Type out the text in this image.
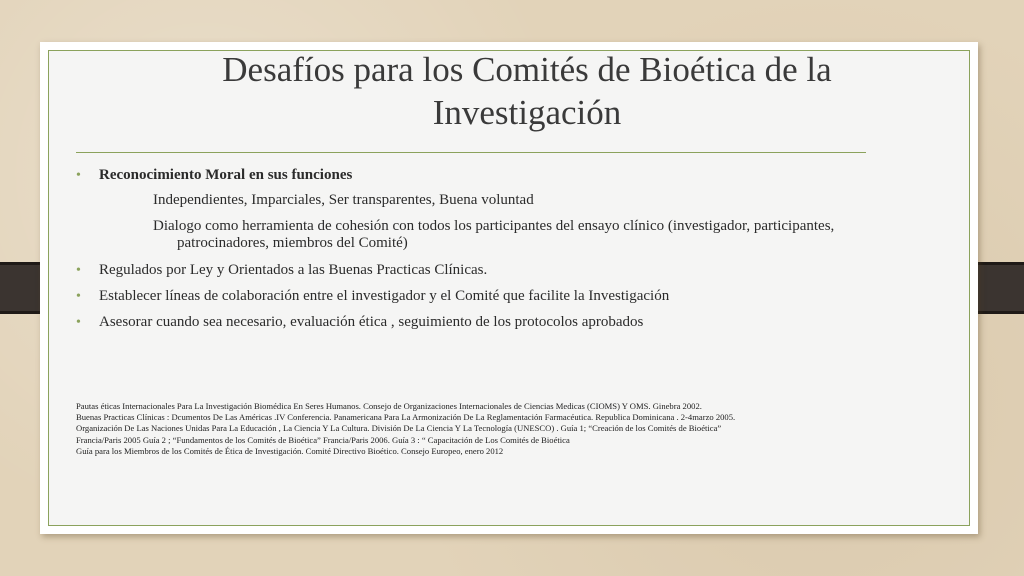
Desafíos para los Comités de Bioética de la
Investigación
• Reconocimiento Moral en sus funciones
Independientes, Imparciales, Ser transparentes, Buena voluntad
Dialogo como herramienta de cohesión con todos los participantes del ensayo clínico (investigador, participantes,
patrocinadores, miembros del Comité)
• Regulados por Ley y Orientados a las Buenas Practicas Clínicas.
• Establecer líneas de colaboración entre el investigador y el Comité que facilite la Investigación
• Asesorar cuando sea necesario, evaluación ética , seguimiento de los protocolos aprobados
Pautas éticas Internacionales Para La Investigación Biomédica En Seres Humanos. Consejo de Organizaciones Internacionales de Ciencias Medicas (CIOMS) Y OMS. Ginebra 2002.
Buenas Practicas Clínicas : Dcumentos De Las Américas .IV Conferencia. Panamericana Para La Armonización De La Reglamentación Farmacéutica. Republica Dominicana . 2-4marzo 2005.
Organización De Las Naciones Unidas Para La Educación , La Ciencia Y La Cultura. División De La Ciencia Y La Tecnología (UNESCO) . Guía 1; “Creación de los Comités de Bioética”
Francia/Paris 2005 Guía 2 ; “Fundamentos de los Comités de Bioética” Francia/Paris 2006. Guía 3 : “ Capacitación de Los Comités de Bioética
Guía para los Miembros de los Comités de Ética de Investigación. Comité Directivo Bioético. Consejo Europeo, enero 2012
